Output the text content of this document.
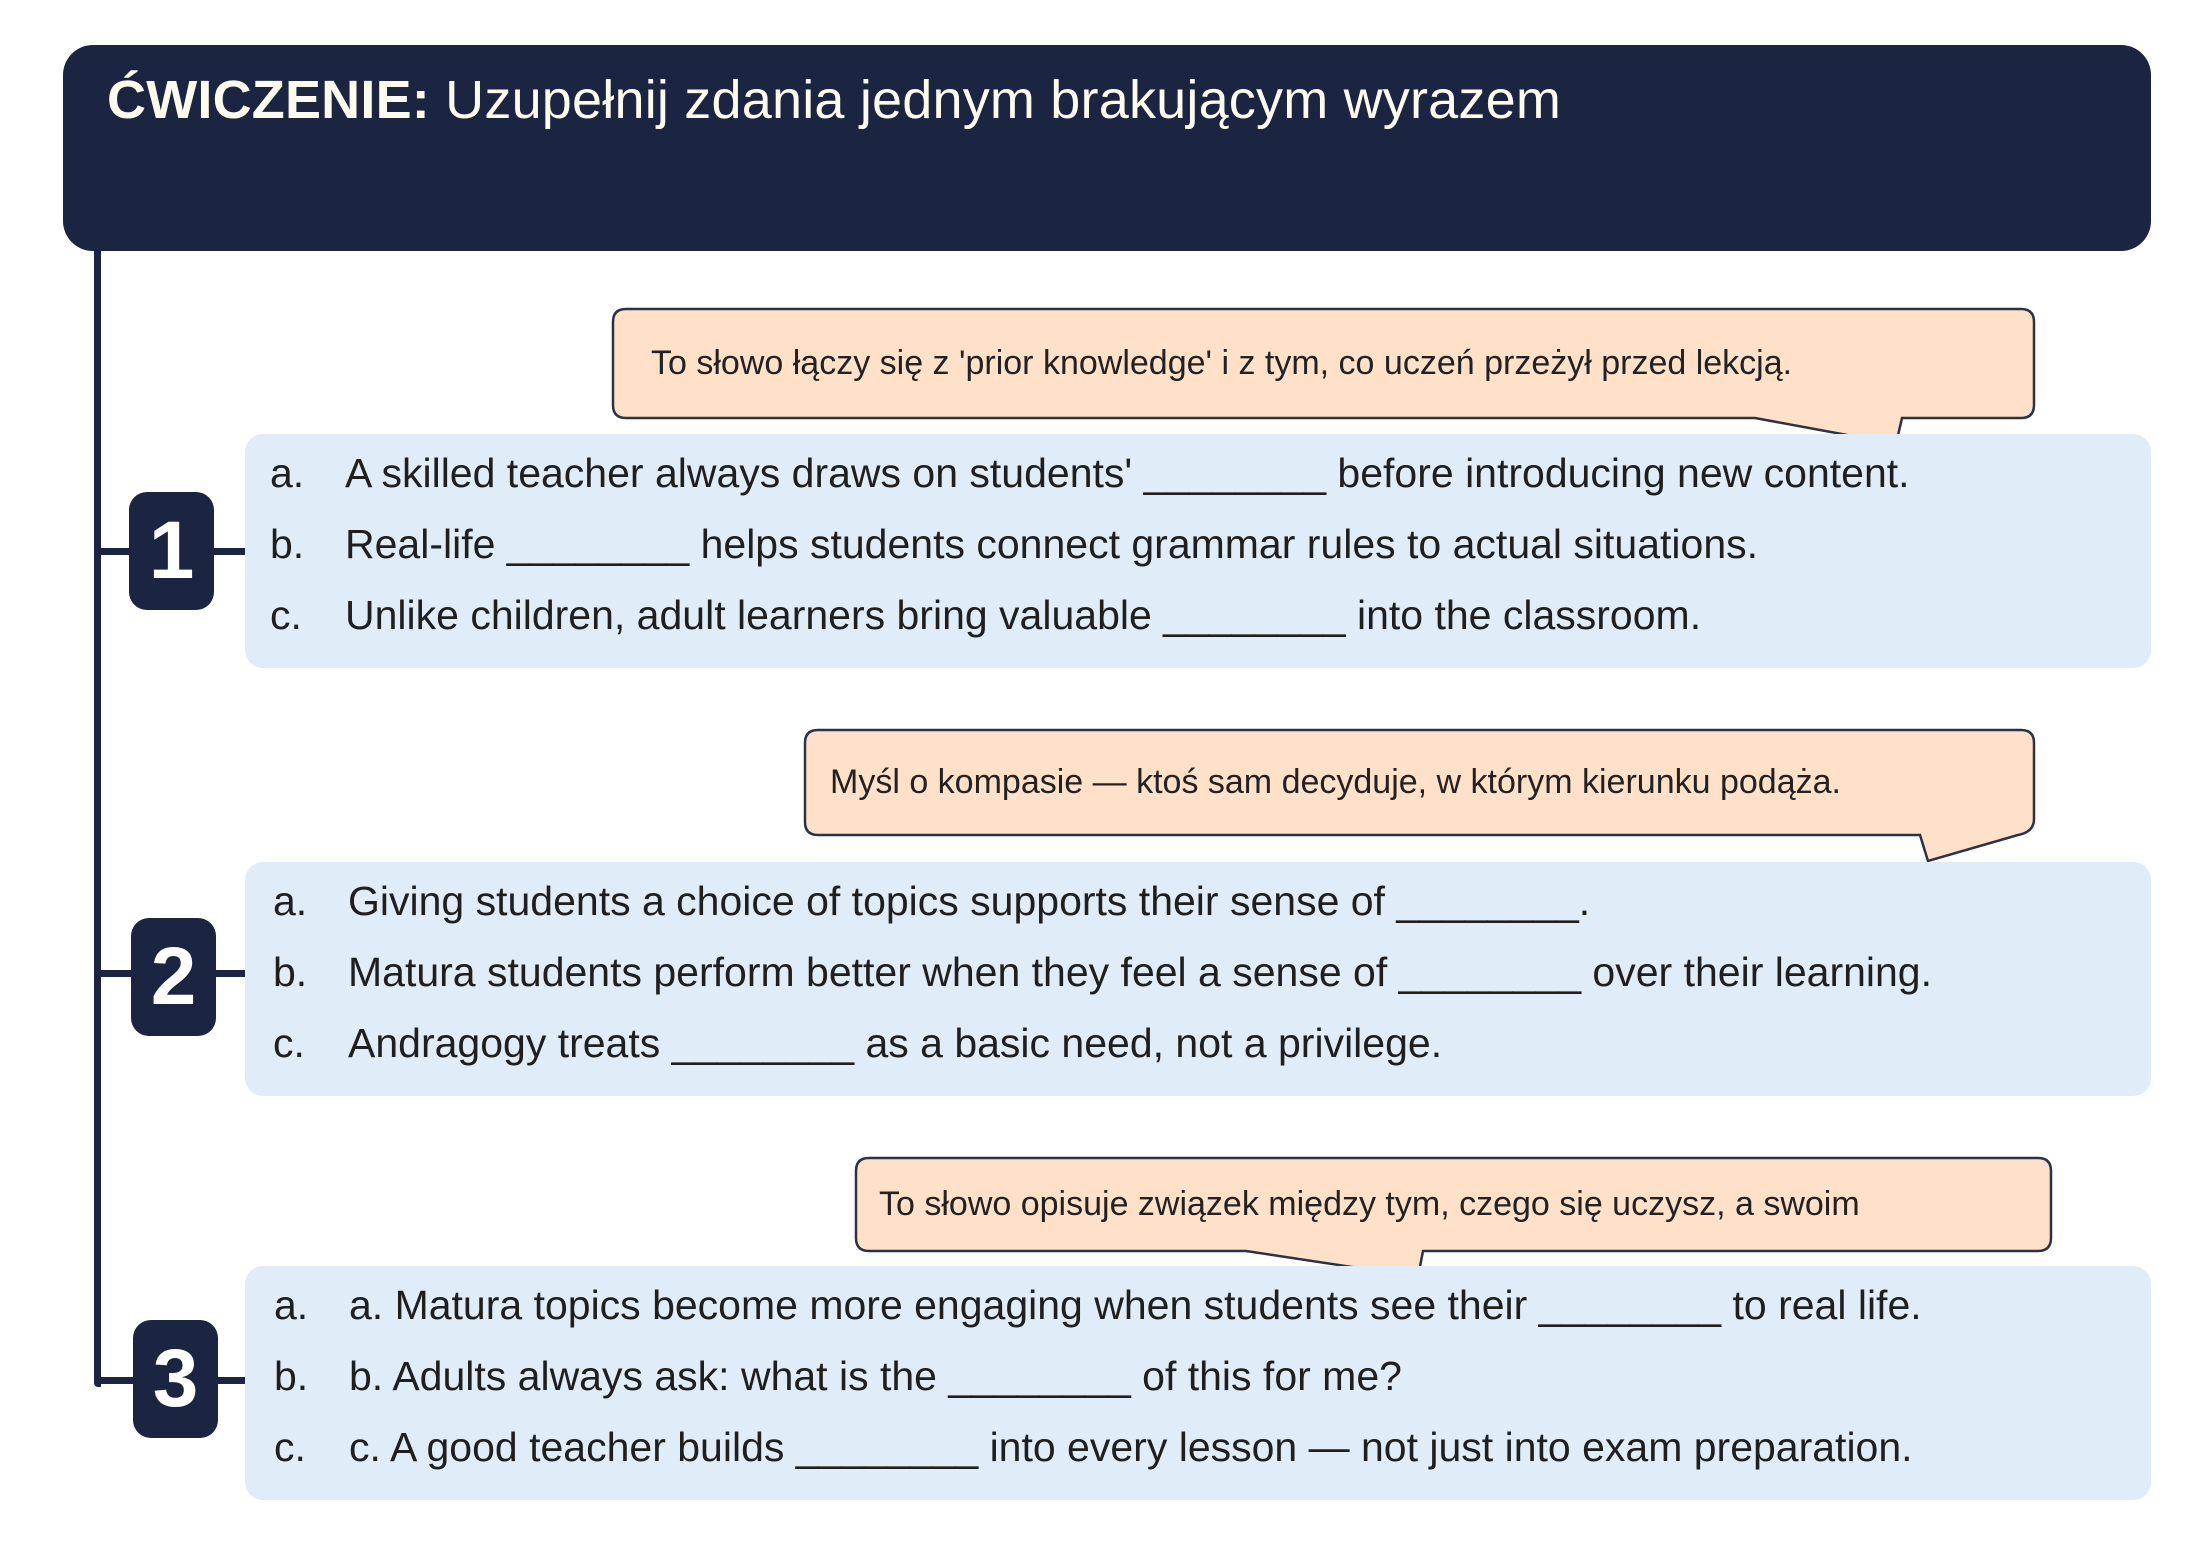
ĆWICZENIE: Uzupełnij zdania jednym brakującym wyrazem
To słowo łączy się z 'prior knowledge' i z tym, co uczeń przeżył przed lekcją.
a. A skilled teacher always draws on students' ________ before introducing new content.
b. Real-life ________ helps students connect grammar rules to actual situations.
c.	Unlike children, adult learners bring valuable ________ into the classroom.
1
Myśl o kompasie — ktoś sam decyduje, w którym kierunku podąża.
a. Giving students a choice of topics supports their sense of ________.
b. Matura students perform better when they feel a sense of ________ over their learning.
c.	Andragogy treats ________ as a basic need, not a privilege.
2
To słowo opisuje związek między tym, czego się uczysz, a swoim
a. a. Matura topics become more engaging when students see their ________ to real life.
b. b. Adults always ask: what is the ________ of this for me?
c.	c. A good teacher builds ________ into every lesson — not just into exam preparation.
3
